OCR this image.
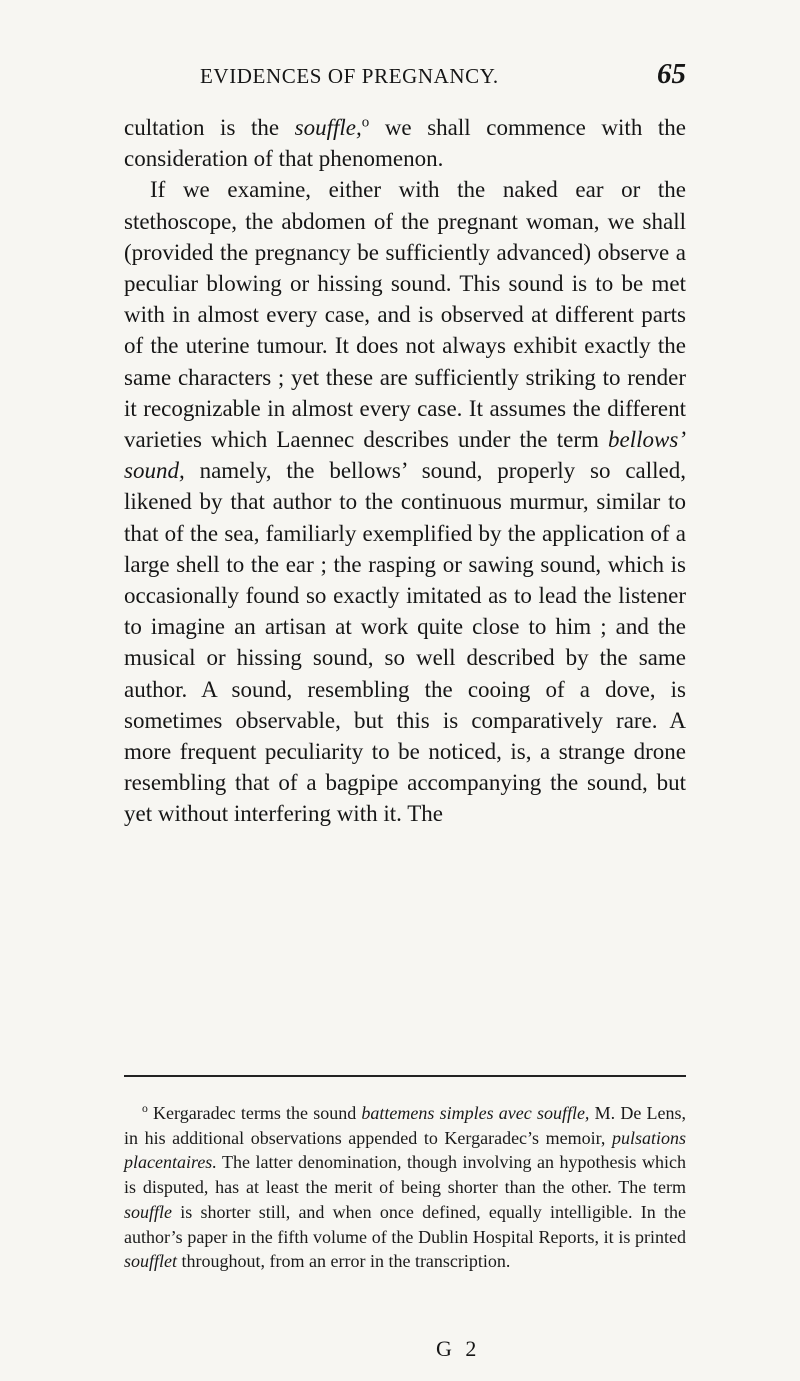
EVIDENCES OF PREGNANCY.	65

cultation is the souffle,$^o$ we shall commence with the consideration of that phenomenon.

If we examine, either with the naked ear or the stethoscope, the abdomen of the pregnant woman, we shall (provided the pregnancy be sufficiently advanced) observe a peculiar blowing or hissing sound. This sound is to be met with in almost every case, and is observed at different parts of the uterine tumour. It does not always exhibit exactly the same characters ; yet these are sufficiently striking to render it recognizable in almost every case. It assumes the different varieties which Laennec describes under the term bellows’ sound, namely, the bellows’ sound, properly so called, likened by that author to the continuous murmur, similar to that of the sea, familiarly exemplified by the application of a large shell to the ear ; the rasping or sawing sound, which is occasionally found so exactly imitated as to lead the listener to imagine an artisan at work quite close to him ; and the musical or hissing sound, so well described by the same author. A sound, resembling the cooing of a dove, is sometimes observable, but this is comparatively rare. A more frequent peculiarity to be noticed, is, a strange drone resembling that of a bagpipe accompanying the sound, but yet without interfering with it. The

$^o$ Kergaradec terms the sound battemens simples avec souffle, M. De Lens, in his additional observations appended to Kergaradec’s memoir, pulsations placentaires. The latter denomination, though involving an hypothesis which is disputed, has at least the merit of being shorter than the other. The term souffle is shorter still, and when once defined, equally intelligible. In the author’s paper in the fifth volume of the Dublin Hospital Reports, it is printed soufflet throughout, from an error in the transcription.

G 2
